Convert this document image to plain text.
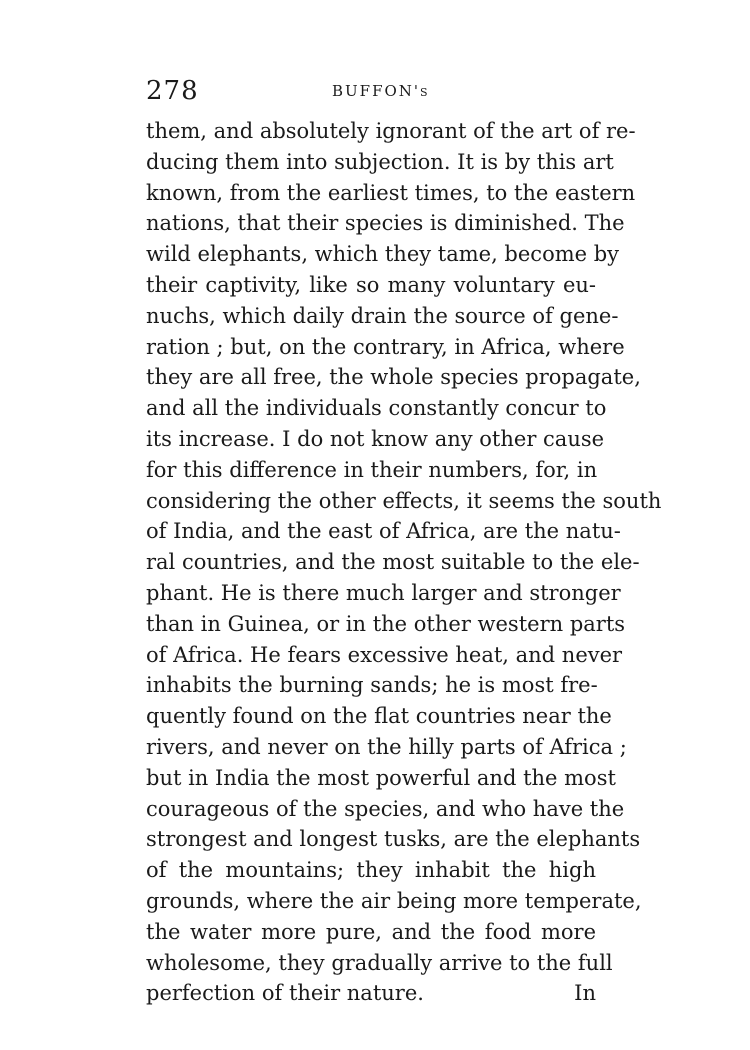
278	BUFFON's
them, and absolutely ignorant of the art of re-
ducing them into subjection. It is by this art
known, from the earliest times, to the eastern
nations, that their species is diminished. The
wild elephants, which they tame, become by
their captivity, like so many voluntary eu-
nuchs, which daily drain the source of gene-
ration ; but, on the contrary, in Africa, where
they are all free, the whole species propagate,
and all the individuals constantly concur to
its increase. I do not know any other cause
for this difference in their numbers, for, in
considering the other effects, it seems the south
of India, and the east of Africa, are the natu-
ral countries, and the most suitable to the ele-
phant. He is there much larger and stronger
than in Guinea, or in the other western parts
of Africa. He fears excessive heat, and never
inhabits the burning sands; he is most fre-
quently found on the flat countries near the
rivers, and never on the hilly parts of Africa ;
but in India the most powerful and the most
courageous of the species, and who have the
strongest and longest tusks, are the elephants
of the mountains; they inhabit the high
grounds, where the air being more temperate,
the water more pure, and the food more
wholesome, they gradually arrive to the full
perfection of their nature.	In
